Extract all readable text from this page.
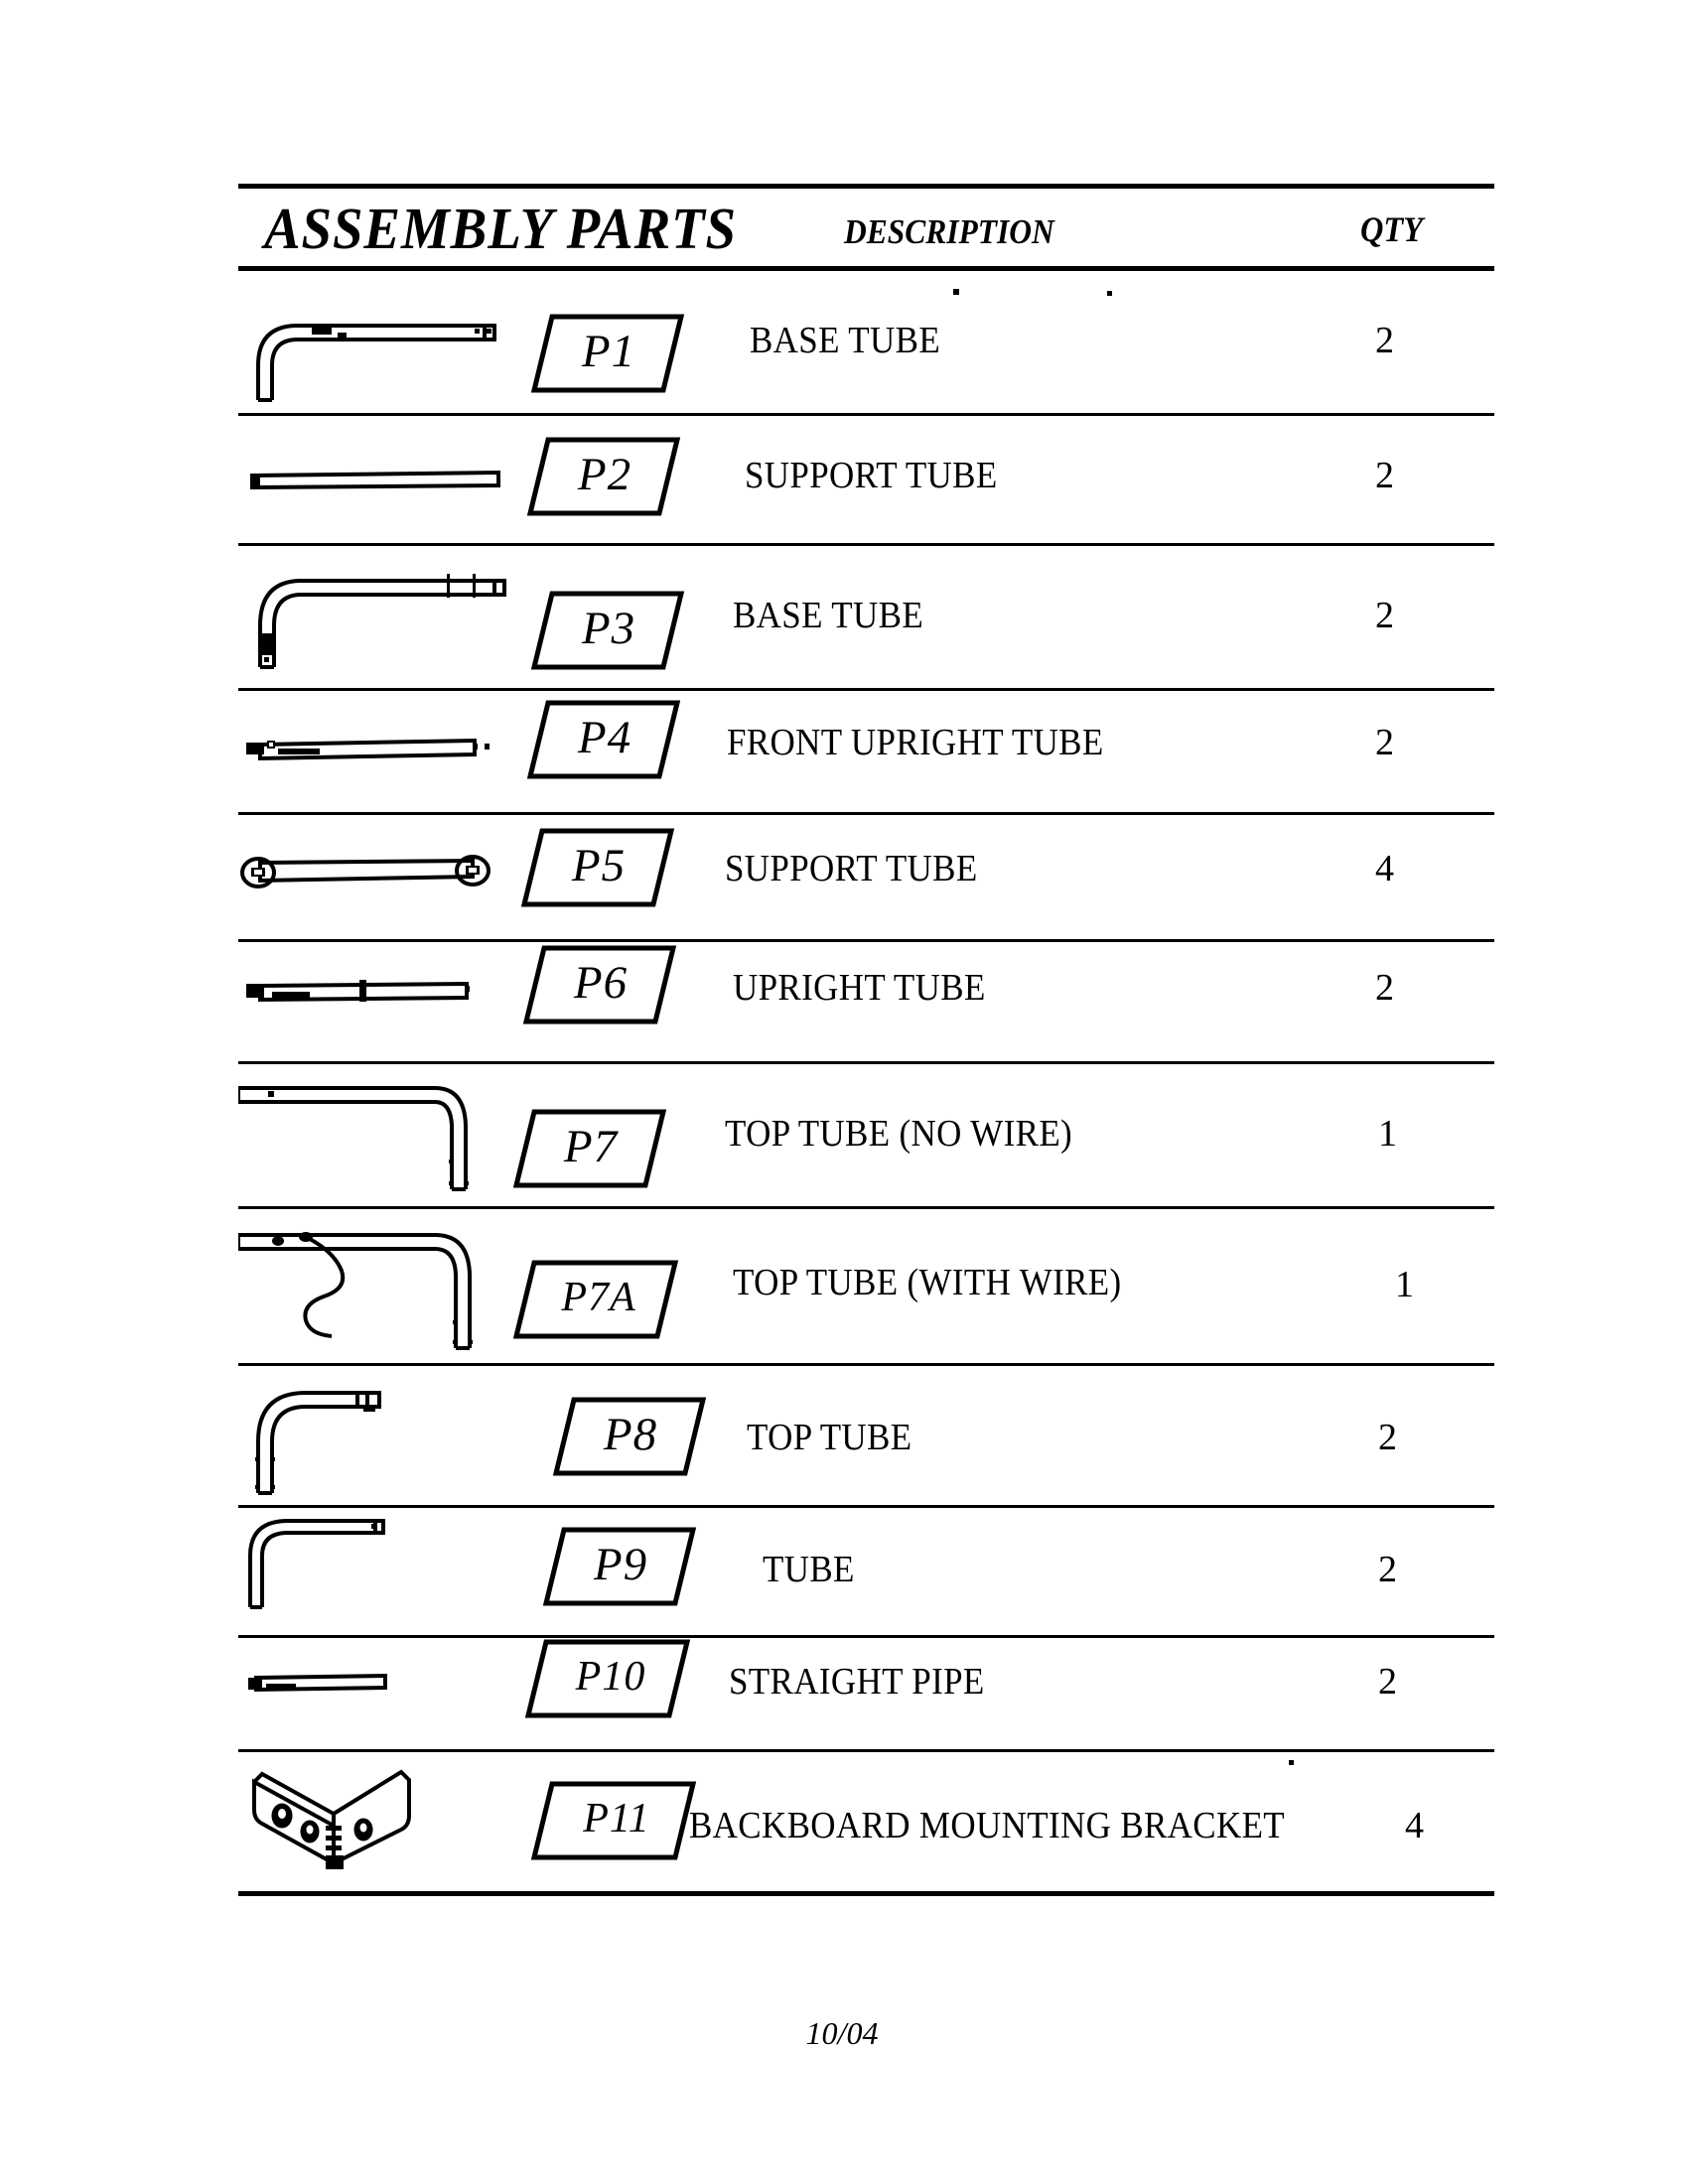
ASSEMBLY PARTS	DESCRIPTION	QTY
P1	BASE TUBE	2
P2	SUPPORT TUBE	2
P3	BASE TUBE	2
P4	FRONT UPRIGHT TUBE	2
P5	SUPPORT TUBE	4
P6	UPRIGHT TUBE	2
P7	TOP TUBE (NO WIRE)	1
P7A	TOP TUBE (WITH WIRE)	1
P8	TOP TUBE	2
P9	TUBE	2
P10	STRAIGHT PIPE	2
P11	BACKBOARD MOUNTING BRACKET	4
10/04
